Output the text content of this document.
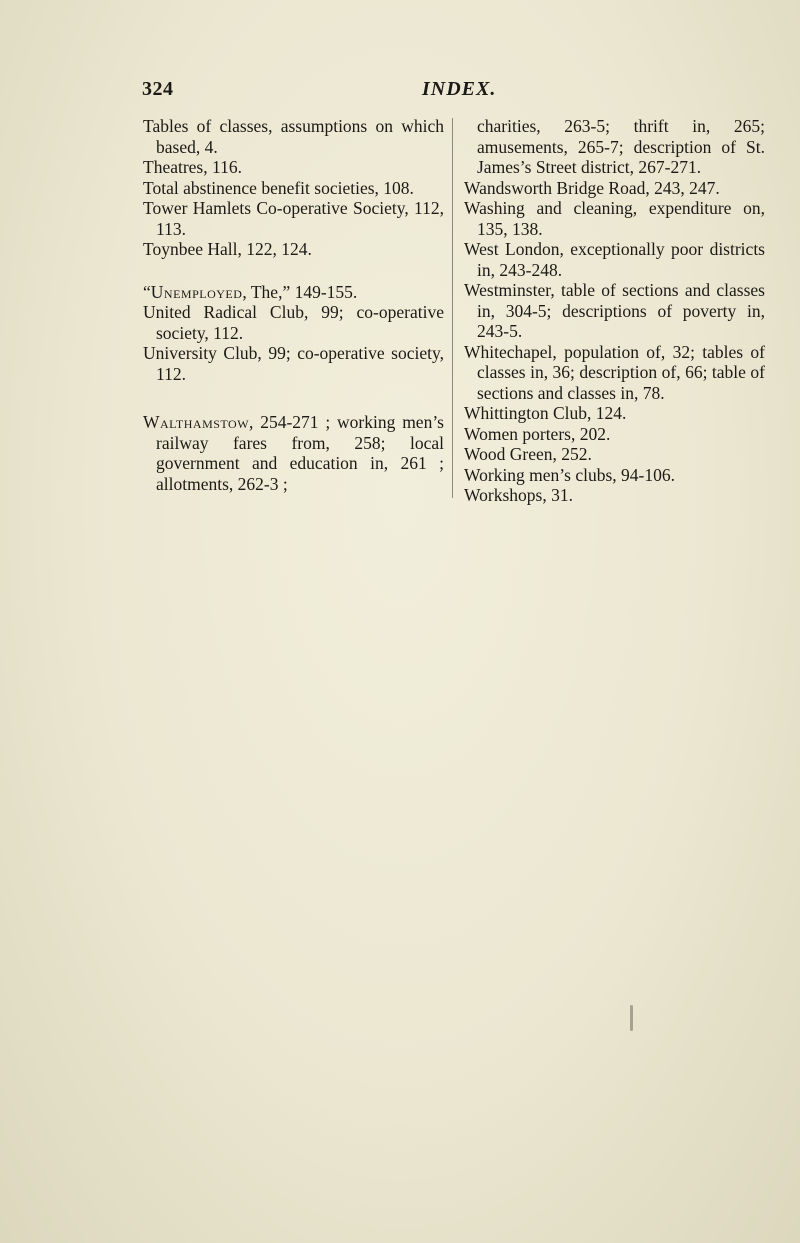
324	INDEX.

Tables of classes, assumptions on which based, 4.

Theatres, 116.

Total abstinence benefit societies, 108.

Tower Hamlets Co-operative Society, 112, 113.

Toynbee Hall, 122, 124.

“Unemployed, The,” 149-155.

United Radical Club, 99; co-operative society, 112.

University Club, 99; co-operative society, 112.

Walthamstow, 254-271 ; working men’s railway fares from, 258; local government and education in, 261 ; allotments, 262-3 ;

charities, 263-5; thrift in, 265; amusements, 265-7; description of St. James’s Street district, 267-271.

Wandsworth Bridge Road, 243, 247.

Washing and cleaning, expenditure on, 135, 138.

West London, exceptionally poor districts in, 243-248.

Westminster, table of sections and classes in, 304-5; descriptions of poverty in, 243-5.

Whitechapel, population of, 32; tables of classes in, 36; description of, 66; table of sections and classes in, 78.

Whittington Club, 124.

Women porters, 202.

Wood Green, 252.

Working men’s clubs, 94-106.

Workshops, 31.
